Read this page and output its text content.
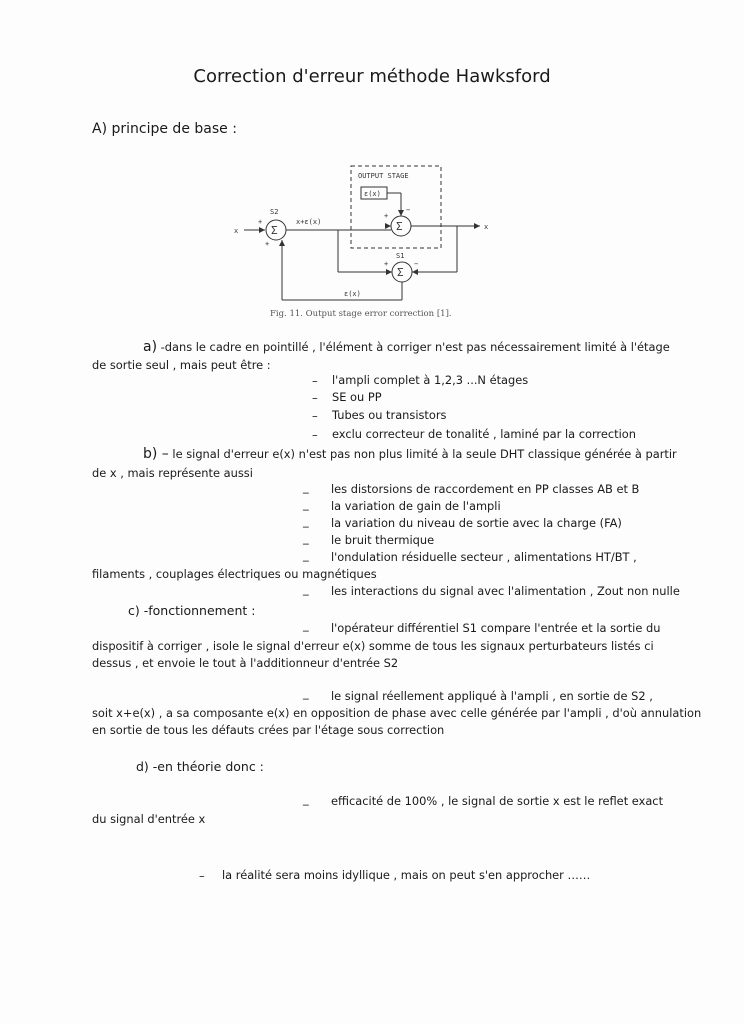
Correction d'erreur méthode Hawksford
A) principe de base :
x	x
S2
+
+
x+ε(x)
OUTPUT STAGE
ε(x)
+
−
S1
+	−
ε(x)
Σ	Σ
Σ
Fig. 11. Output stage error correction [1].
a) -dans le cadre en pointillé , l'élément à corriger n'est pas nécessairement limité à l'étage
de sortie seul , mais peut être :
– l'ampli complet à 1,2,3 ...N étages
– SE ou PP
– Tubes ou transistors
– exclu correcteur de tonalité , laminé par la correction
b) – le signal d'erreur e(x) n'est pas non plus limité à la seule DHT classique générée à partir
de x , mais représente aussi
_ les distorsions de raccordement en PP classes AB et B
_ la variation de gain de l'ampli
_ la variation du niveau de sortie avec la charge (FA)
_ le bruit thermique
_ l'ondulation résiduelle secteur , alimentations HT/BT ,
filaments , couplages électriques ou magnétiques
_ les interactions du signal avec l'alimentation , Zout non nulle
c) -fonctionnement :
_ l'opérateur différentiel S1 compare l'entrée et la sortie du
dispositif à corriger , isole le signal d'erreur e(x) somme de tous les signaux perturbateurs listés ci
dessus , et envoie le tout à l'additionneur d'entrée S2
_ le signal réellement appliqué à l'ampli , en sortie de S2 ,
soit x+e(x) , a sa composante e(x) en opposition de phase avec celle générée par l'ampli , d'où annulation
en sortie de tous les défauts crées par l'étage sous correction
d) -en théorie donc :
_ efficacité de 100% , le signal de sortie x est le reflet exact
du signal d'entrée x
– la réalité sera moins idyllique , mais on peut s'en approcher ……
